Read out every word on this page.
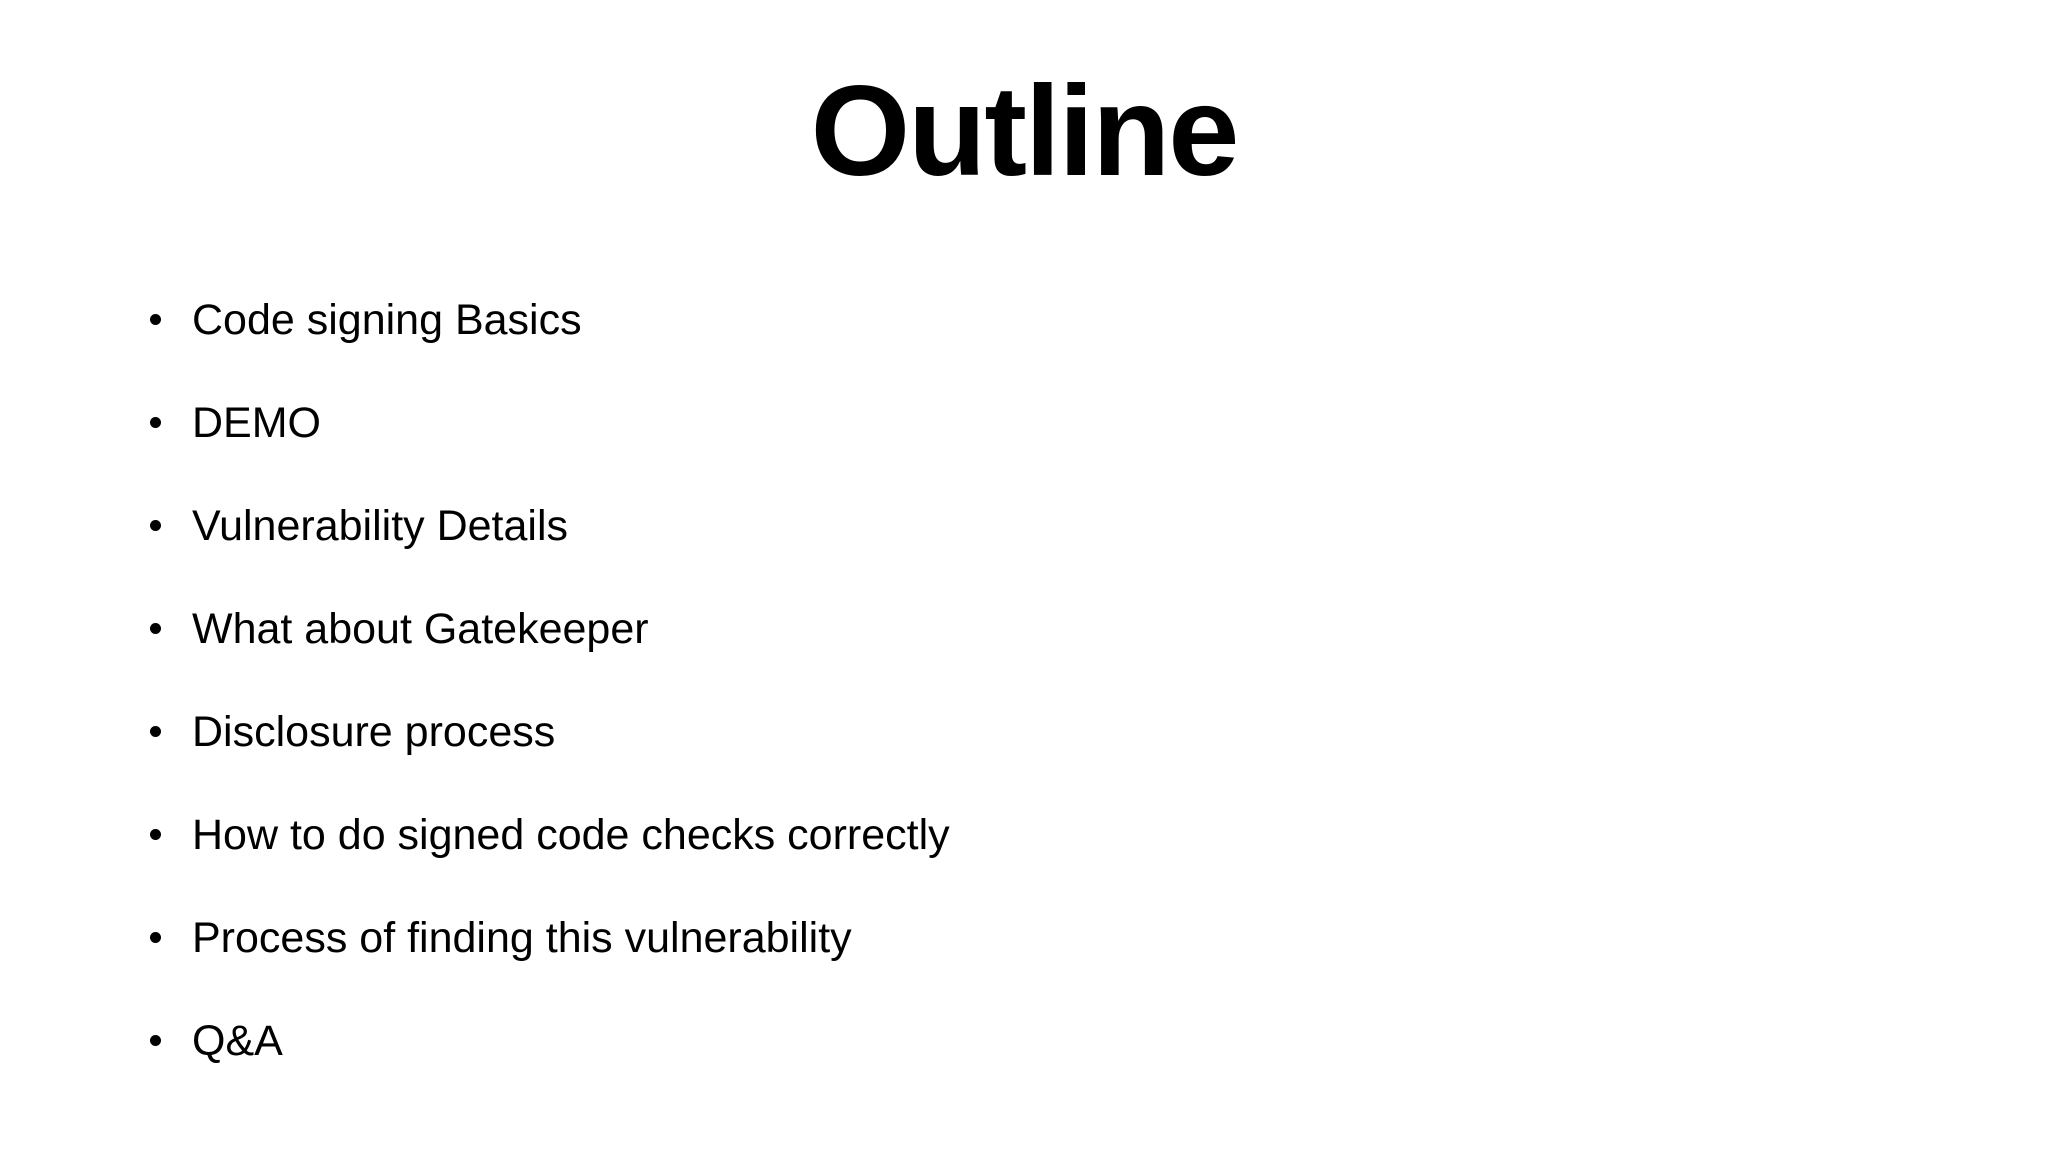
Outline
Code signing Basics
DEMO
Vulnerability Details
What about Gatekeeper
Disclosure process
How to do signed code checks correctly
Process of finding this vulnerability
Q&A
